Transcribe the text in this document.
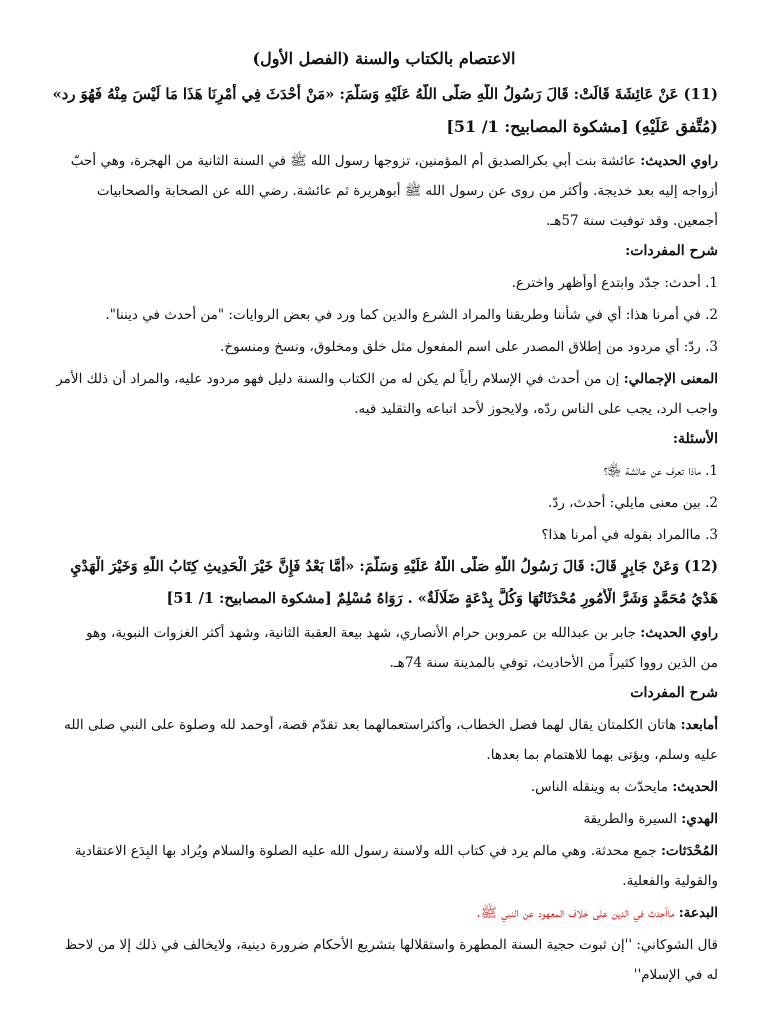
الاعتصام بالكتاب والسنة (الفصل الأول)
(11) عَنْ عَائِشَةَ قَالَتْ: قَالَ رَسُولُ اللَّهِ صَلَّى اللَّهُ عَلَيْهِ وَسَلَّمَ: «مَنْ أَحْدَثَ فِي أَمْرِنَا هَذَا مَا لَيْسَ مِنْهُ فَهُوَ رد»
(مُتَّفق عَلَيْهِ) [مشكوة المصابيح: 1/ 51]
راوي الحديث: عائشة بنت أبي بكرالصديق أم المؤمنين، تزوجها رسول الله ﷺ في السنة الثانية من الهجرة، وهي أحبّ
أزواجه إليه بعد خديجة. وأكثر من روى عن رسول الله ﷺ أبوهريرة ثم عائشة. رضي الله عن الصحابة والصحابيات
أجمعين. وقد توفيت سنة 57هـ.
شرح المفردات:
1. أحدث: جدّد وابتدع أوأظهر واخترع.
2. في أمرنا هذا: أي في شأننا وطريقنا والمراد الشرع والدين كما ورد في بعض الروايات: "من أحدث في ديننا".
3. ردّ: أي مردود من إطلاق المصدر على اسم المفعول مثل خلق ومخلوق، ونسخ ومنسوخ.
المعنى الإجمالي: إن من أحدث في الإسلام رأياً لم يكن له من الكتاب والسنة دليل فهو مردود عليه، والمراد أن ذلك الأمر
واجب الرد، يجب على الناس ردّه، ولايجوز لأحد اتباعه والتقليد فيه.
الأسئلة:
1. ماذا تعرف عن عائشة ﵂؟
2. بين معنى مايلي: أحدث، ردّ.
3. ماالمراد بقوله في أمرنا هذا؟
(12) وَعَنْ جَابِرٍ قَالَ: قَالَ رَسُولُ اللَّهِ صَلَّى اللَّهُ عَلَيْهِ وَسَلَّمَ: «أَمَّا بَعْدُ فَإِنَّ خَيْرَ الْحَدِيثِ كِتَابُ اللَّهِ وَخَيْرَ الْهَدْيِ
هَدْيُ مُحَمَّدٍ وَشَرَّ الْأُمُورِ مُحْدَثَاتُهَا وَكُلَّ بِدْعَةٍ ضَلَالَةٌ» . رَوَاهُ مُسْلِمٌ [مشكوة المصابيح: 1/ 51]
راوي الحديث: جابر بن عبدالله بن عمروبن حرام الأنصاري، شهد بيعة العقبة الثانية، وشهد أكثر الغزوات النبوية، وهو
من الذين رووا كثيراً من الأحاديث، توفي بالمدينة سنة 74هـ.
شرح المفردات
أمابعد: هاتان الكلمتان يقال لهما فصل الخطاب، وأكثراستعمالهما بعد تقدّم قصة، أوحمد لله وصلوة على النبي صلى الله
عليه وسلم، ويؤتى بهما للاهتمام بما بعدها.
الحديث: مايحدّث به وينقله الناس.
الهدي: السيرة والطريقة
المُحْدَثات: جمع محدثة. وهي مالم يرد في كتاب الله ولاسنة رسول الله عليه الصلوة والسلام ويُراد بها البِدَع الاعتقادية
والقولية والفعلية.
البدعة: ماأحدث في الدين على خلاف المعهود عن النبي ﷺ.
قال الشوكاني: ''إن ثبوت حجية السنة المطهرة واستقلالها بتشريع الأحكام ضرورة دينية، ولايخالف في ذلك إلا من لاحظ
له في الإسلام''
